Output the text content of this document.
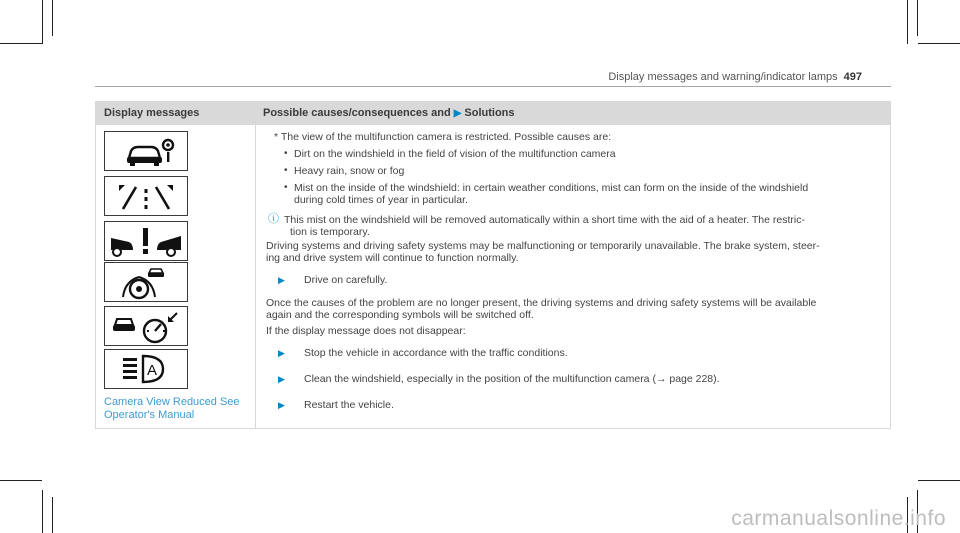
Display messages and warning/indicator lamps 497
Display messages	Possible causes/consequences and ▶ Solutions
A
Camera View Reduced See Operator's Manual
* The view of the multifunction camera is restricted. Possible causes are:
• Dirt on the windshield in the field of vision of the multifunction camera
• Heavy rain, snow or fog
• Mist on the inside of the windshield: in certain weather conditions, mist can form on the inside of the windshield
during cold times of year in particular.
ⓘ This mist on the windshield will be removed automatically within a short time with the aid of a heater. The restric-
tion is temporary.
Driving systems and driving safety systems may be malfunctioning or temporarily unavailable. The brake system, steer-
ing and drive system will continue to function normally.
▶ Drive on carefully.
Once the causes of the problem are no longer present, the driving systems and driving safety systems will be available
again and the corresponding symbols will be switched off.
If the display message does not disappear:
▶ Stop the vehicle in accordance with the traffic conditions.
▶ Clean the windshield, especially in the position of the multifunction camera (→ page 228).
▶ Restart the vehicle.
carmanualsonline.info
